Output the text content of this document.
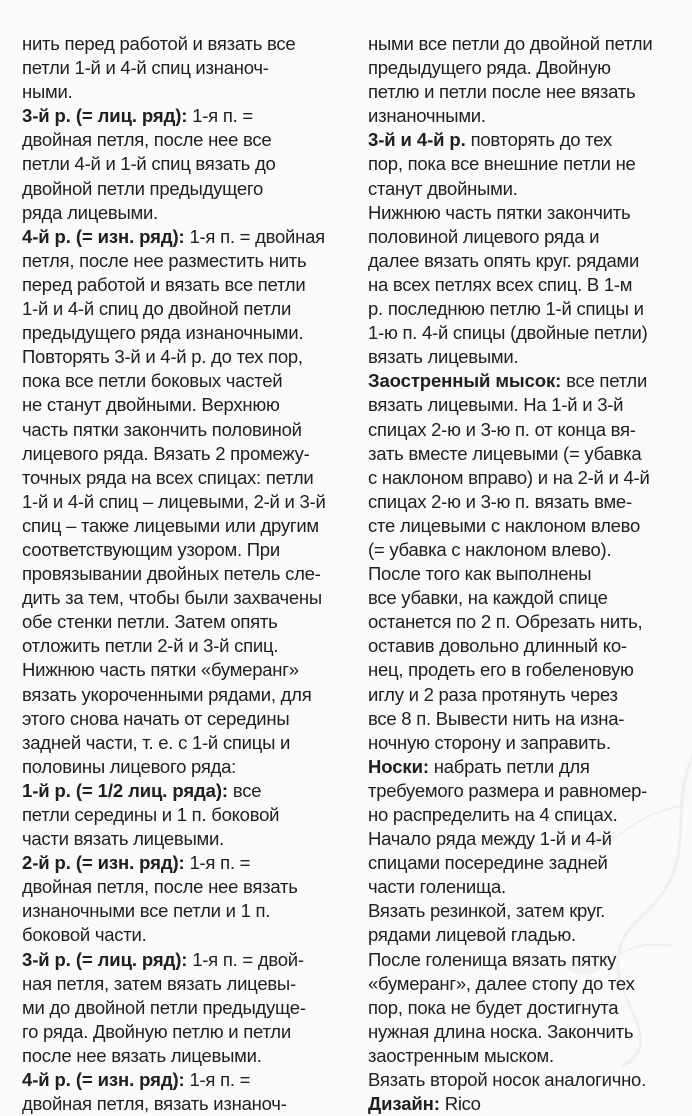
нить перед работой и вязать все
петли 1-й и 4-й спиц изнаноч-
ными.
3-й р. (= лиц. ряд): 1-я п. =
двойная петля, после нее все
петли 4-й и 1-й спиц вязать до
двойной петли предыдущего
ряда лицевыми.
4-й р. (= изн. ряд): 1-я п. = двойная
петля, после нее разместить нить
перед работой и вязать все петли
1-й и 4-й спиц до двойной петли
предыдущего ряда изнаночными.
Повторять 3-й и 4-й р. до тех пор,
пока все петли боковых частей
не станут двойными. Верхнюю
часть пятки закончить половиной
лицевого ряда. Вязать 2 промежу-
точных ряда на всех спицах: петли
1-й и 4-й спиц – лицевыми, 2-й и 3-й
спиц – также лицевыми или другим
соответствующим узором. При
провязывании двойных петель сле-
дить за тем, чтобы были захвачены
обе стенки петли. Затем опять
отложить петли 2-й и 3-й спиц.
Нижнюю часть пятки «бумеранг»
вязать укороченными рядами, для
этого снова начать от середины
задней части, т. е. с 1-й спицы и
половины лицевого ряда:
1-й р. (= 1/2 лиц. ряда): все
петли середины и 1 п. боковой
части вязать лицевыми.
2-й р. (= изн. ряд): 1-я п. =
двойная петля, после нее вязать
изнаночными все петли и 1 п.
боковой части.
3-й р. (= лиц. ряд): 1-я п. = двой-
ная петля, затем вязать лицевы-
ми до двойной петли предыдуще-
го ряда. Двойную петлю и петли
после нее вязать лицевыми.
4-й р. (= изн. ряд): 1-я п. =
двойная петля, вязать изнаноч-
ными все петли до двойной петли
предыдущего ряда. Двойную
петлю и петли после нее вязать
изнаночными.
3-й и 4-й р. повторять до тех
пор, пока все внешние петли не
станут двойными.
Нижнюю часть пятки закончить
половиной лицевого ряда и
далее вязать опять круг. рядами
на всех петлях всех спиц. В 1-м
р. последнюю петлю 1-й спицы и
1-ю п. 4-й спицы (двойные петли)
вязать лицевыми.
Заостренный мысок: все петли
вязать лицевыми. На 1-й и 3-й
спицах 2-ю и 3-ю п. от конца вя-
зать вместе лицевыми (= убавка
с наклоном вправо) и на 2-й и 4-й
спицах 2-ю и 3-ю п. вязать вме-
сте лицевыми с наклоном влево
(= убавка с наклоном влево).
После того как выполнены
все убавки, на каждой спице
останется по 2 п. Обрезать нить,
оставив довольно длинный ко-
нец, продеть его в гобеленовую
иглу и 2 раза протянуть через
все 8 п. Вывести нить на изна-
ночную сторону и заправить.
Носки: набрать петли для
требуемого размера и равномер-
но распределить на 4 спицах.
Начало ряда между 1-й и 4-й
спицами посередине задней
части голенища.
Вязать резинкой, затем круг.
рядами лицевой гладью.
После голенища вязать пятку
«бумеранг», далее стопу до тех
пор, пока не будет достигнута
нужная длина носка. Закончить
заостренным мыском.
Вязать второй носок аналогично.
Дизайн: Rico
